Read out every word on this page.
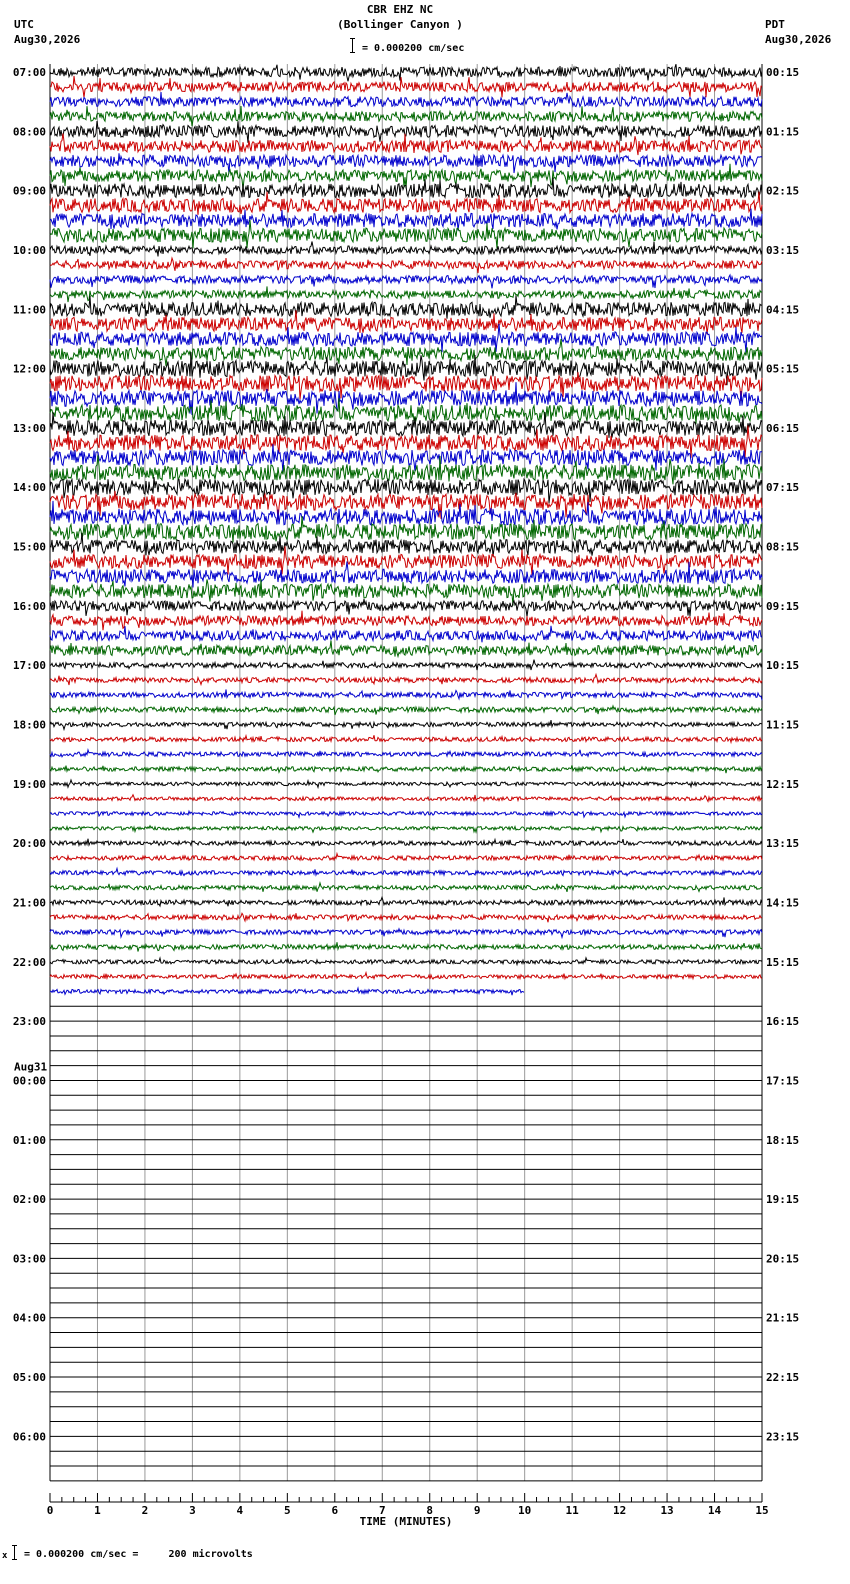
CBR EHZ NC
(Bollinger Canyon )
UTC
Aug30,2026
PDT
Aug30,2026
= 0.000200 cm/sec
07:00	00:15
08:00	01:15
09:00	02:15
10:00	03:15
11:00	04:15
12:00	05:15
13:00	06:15
14:00	07:15
15:00	08:15
16:00	09:15
17:00	10:15
18:00	11:15
19:00	12:15
20:00	13:15
21:00	14:15
22:00	15:15
23:00	16:15
00:00	17:15
01:00	18:15
02:00	19:15
03:00	20:15
04:00	21:15
05:00	22:15
06:00	23:15
Aug31
0	1	2	3	4	5	6	7	8	9	10	11	12	13	14	15
TIME (MINUTES)
x = 0.000200 cm/sec =     200 microvolts
